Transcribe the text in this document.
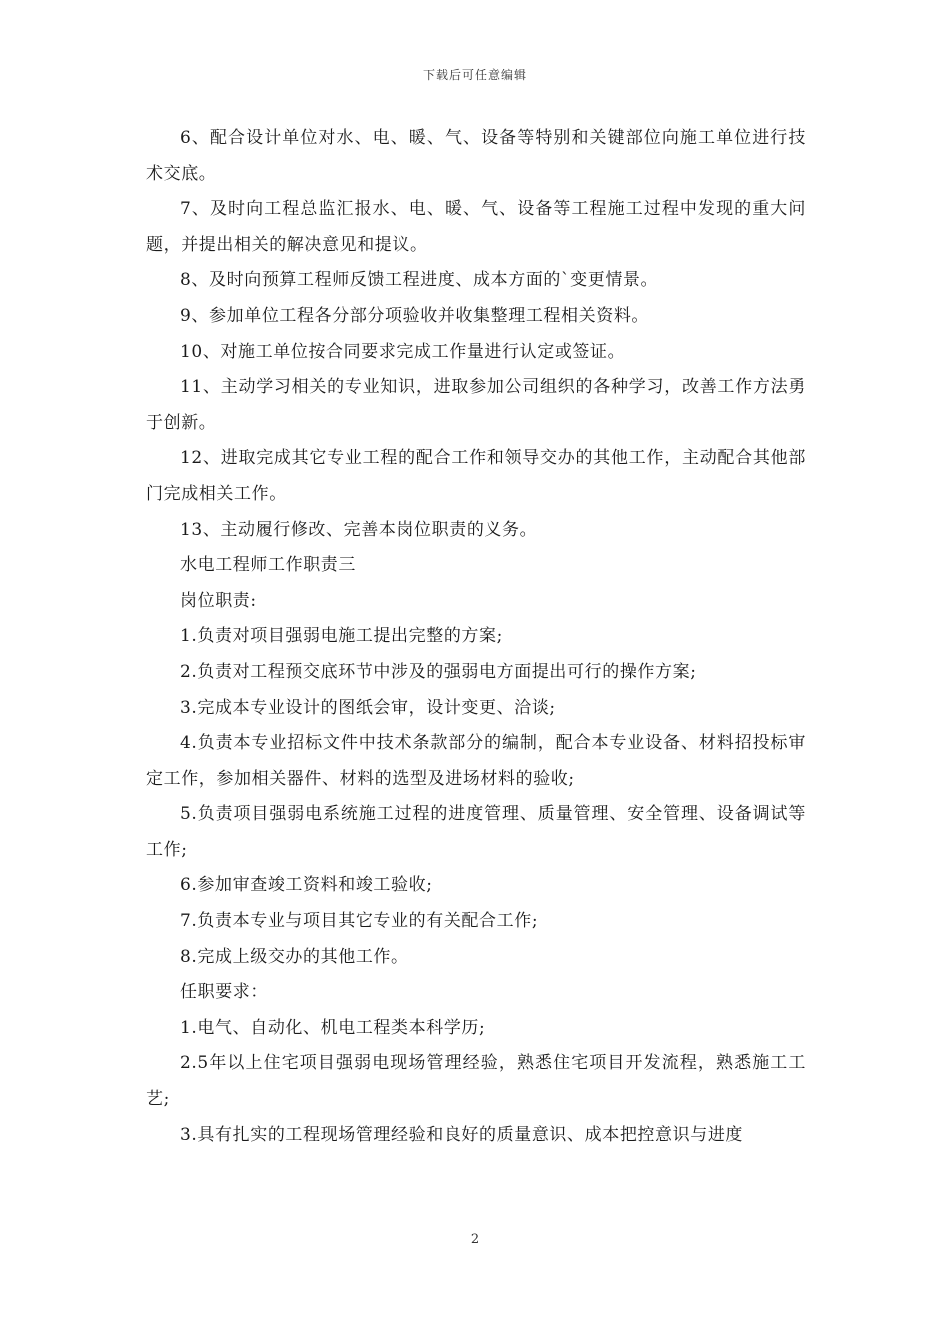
下载后可任意编辑

6、配合设计单位对水、电、暖、气、设备等特别和关键部位向施工单位进行技术交底。

7、及时向工程总监汇报水、电、暖、气、设备等工程施工过程中发现的重大问题，并提出相关的解决意见和提议。

8、及时向预算工程师反馈工程进度、成本方面的`变更情景。

9、参加单位工程各分部分项验收并收集整理工程相关资料。

10、对施工单位按合同要求完成工作量进行认定或签证。

11、主动学习相关的专业知识，进取参加公司组织的各种学习，改善工作方法勇于创新。

12、进取完成其它专业工程的配合工作和领导交办的其他工作，主动配合其他部门完成相关工作。

13、主动履行修改、完善本岗位职责的义务。

水电工程师工作职责三

岗位职责:

1.负责对项目强弱电施工提出完整的方案;

2.负责对工程预交底环节中涉及的强弱电方面提出可行的操作方案;

3.完成本专业设计的图纸会审，设计变更、洽谈;

4.负责本专业招标文件中技术条款部分的编制，配合本专业设备、材料招投标审定工作，参加相关器件、材料的选型及进场材料的验收;

5.负责项目强弱电系统施工过程的进度管理、质量管理、安全管理、设备调试等工作;

6.参加审查竣工资料和竣工验收;

7.负责本专业与项目其它专业的有关配合工作;

8.完成上级交办的其他工作。

任职要求：

1.电气、自动化、机电工程类本科学历;

2.5年以上住宅项目强弱电现场管理经验，熟悉住宅项目开发流程，熟悉施工工艺;

3.具有扎实的工程现场管理经验和良好的质量意识、成本把控意识与进度

2
